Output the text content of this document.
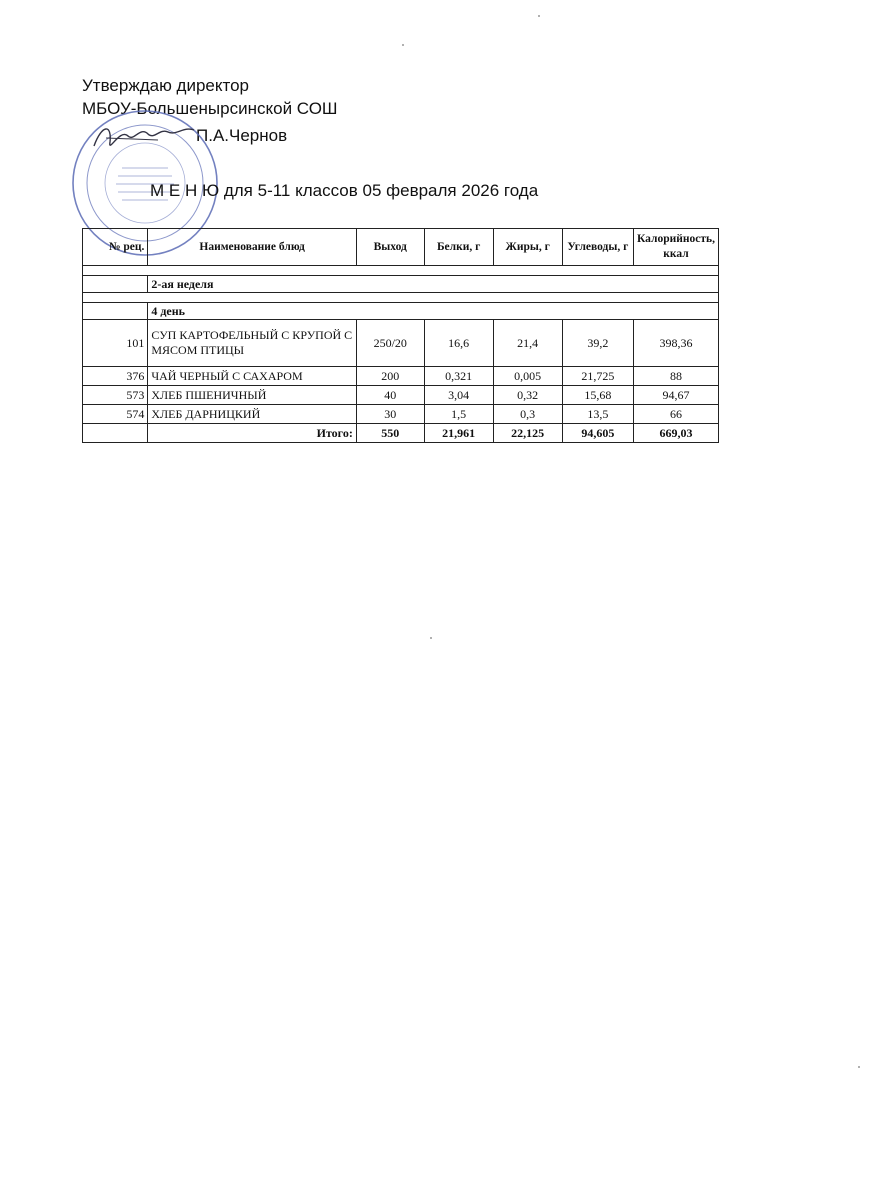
Утверждаю директор
МБОУ-Большенырсинской СОШ
П.А.Чернов
М Е Н Ю для 5-11 классов 05 февраля 2026 года
№ рец.	Наименование блюд	Выход	Белки, г	Жиры, г	Углеводы, г	Калорийность, ккал

	2-ая неделя					

	4 день					
101	СУП КАРТОФЕЛЬНЫЙ С КРУПОЙ С МЯСОМ ПТИЦЫ	250/20	16,6	21,4	39,2	398,36
376	ЧАЙ ЧЕРНЫЙ С САХАРОМ	200	0,321	0,005	21,725	88
573	ХЛЕБ ПШЕНИЧНЫЙ	40	3,04	0,32	15,68	94,67
574	ХЛЕБ ДАРНИЦКИЙ	30	1,5	0,3	13,5	66
	Итого:	550	21,961	22,125	94,605	669,03
